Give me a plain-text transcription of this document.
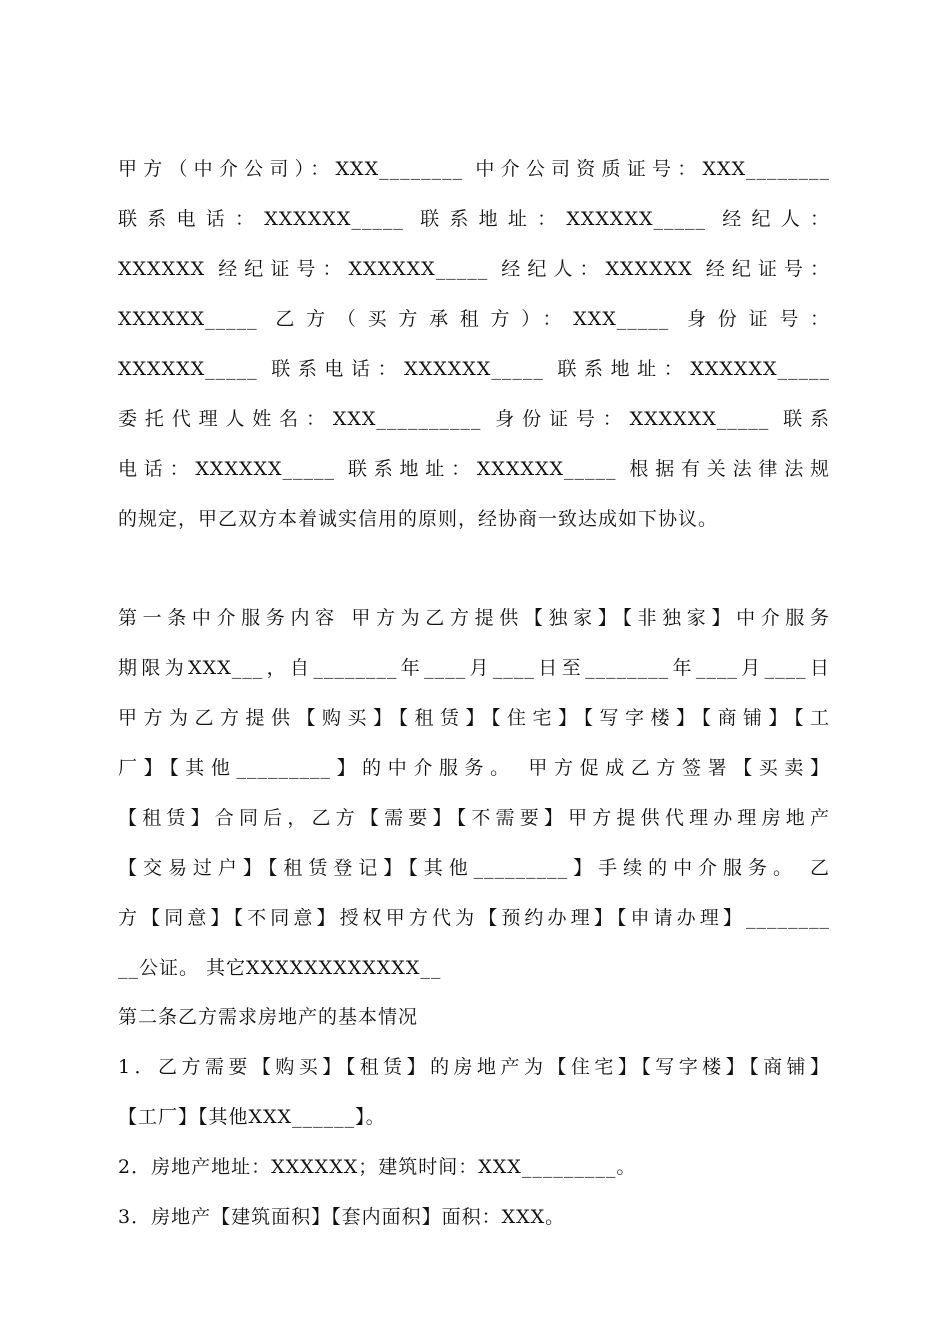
甲方（中介公司）：XXX________ 中介公司资质证号：XXX________
联系电话：XXXXXX_____ 联系地址：XXXXXX_____ 经纪人：
XXXXXX 经纪证号：XXXXXX_____ 经纪人：XXXXXX 经纪证号：
XXXXXX_____ 乙方（买方承租方）：XXX_____ 身份证号：
XXXXXX_____ 联系电话：XXXXXX_____ 联系地址：XXXXXX_____
委托代理人姓名：XXX__________ 身份证号：XXXXXX_____ 联系
电话：XXXXXX_____ 联系地址：XXXXXX_____ 根据有关法律法规
的规定，甲乙双方本着诚实信用的原则，经协商一致达成如下协议。
第一条中介服务内容 甲方为乙方提供【独家】【非独家】中介服务
期限为XXX___，自________年____月____日至________年____月____日
甲方为乙方提供【购买】【租赁】【住宅】【写字楼】【商铺】【工
厂】【其他_________】的中介服务。 甲方促成乙方签署【买卖】
【租赁】合同后，乙方【需要】【不需要】甲方提供代理办理房地产
【交易过户】【租赁登记】【其他_________】手续的中介服务。 乙
方【同意】【不同意】授权甲方代为【预约办理】【申请办理】________
__公证。 其它XXXXXXXXXXXX__
第二条乙方需求房地产的基本情况
1．乙方需要【购买】【租赁】的房地产为【住宅】【写字楼】【商铺】
【工厂】【其他XXX______】。
2．房地产地址：XXXXXX；建筑时间：XXX_________。
3．房地产【建筑面积】【套内面积】面积：XXX。
